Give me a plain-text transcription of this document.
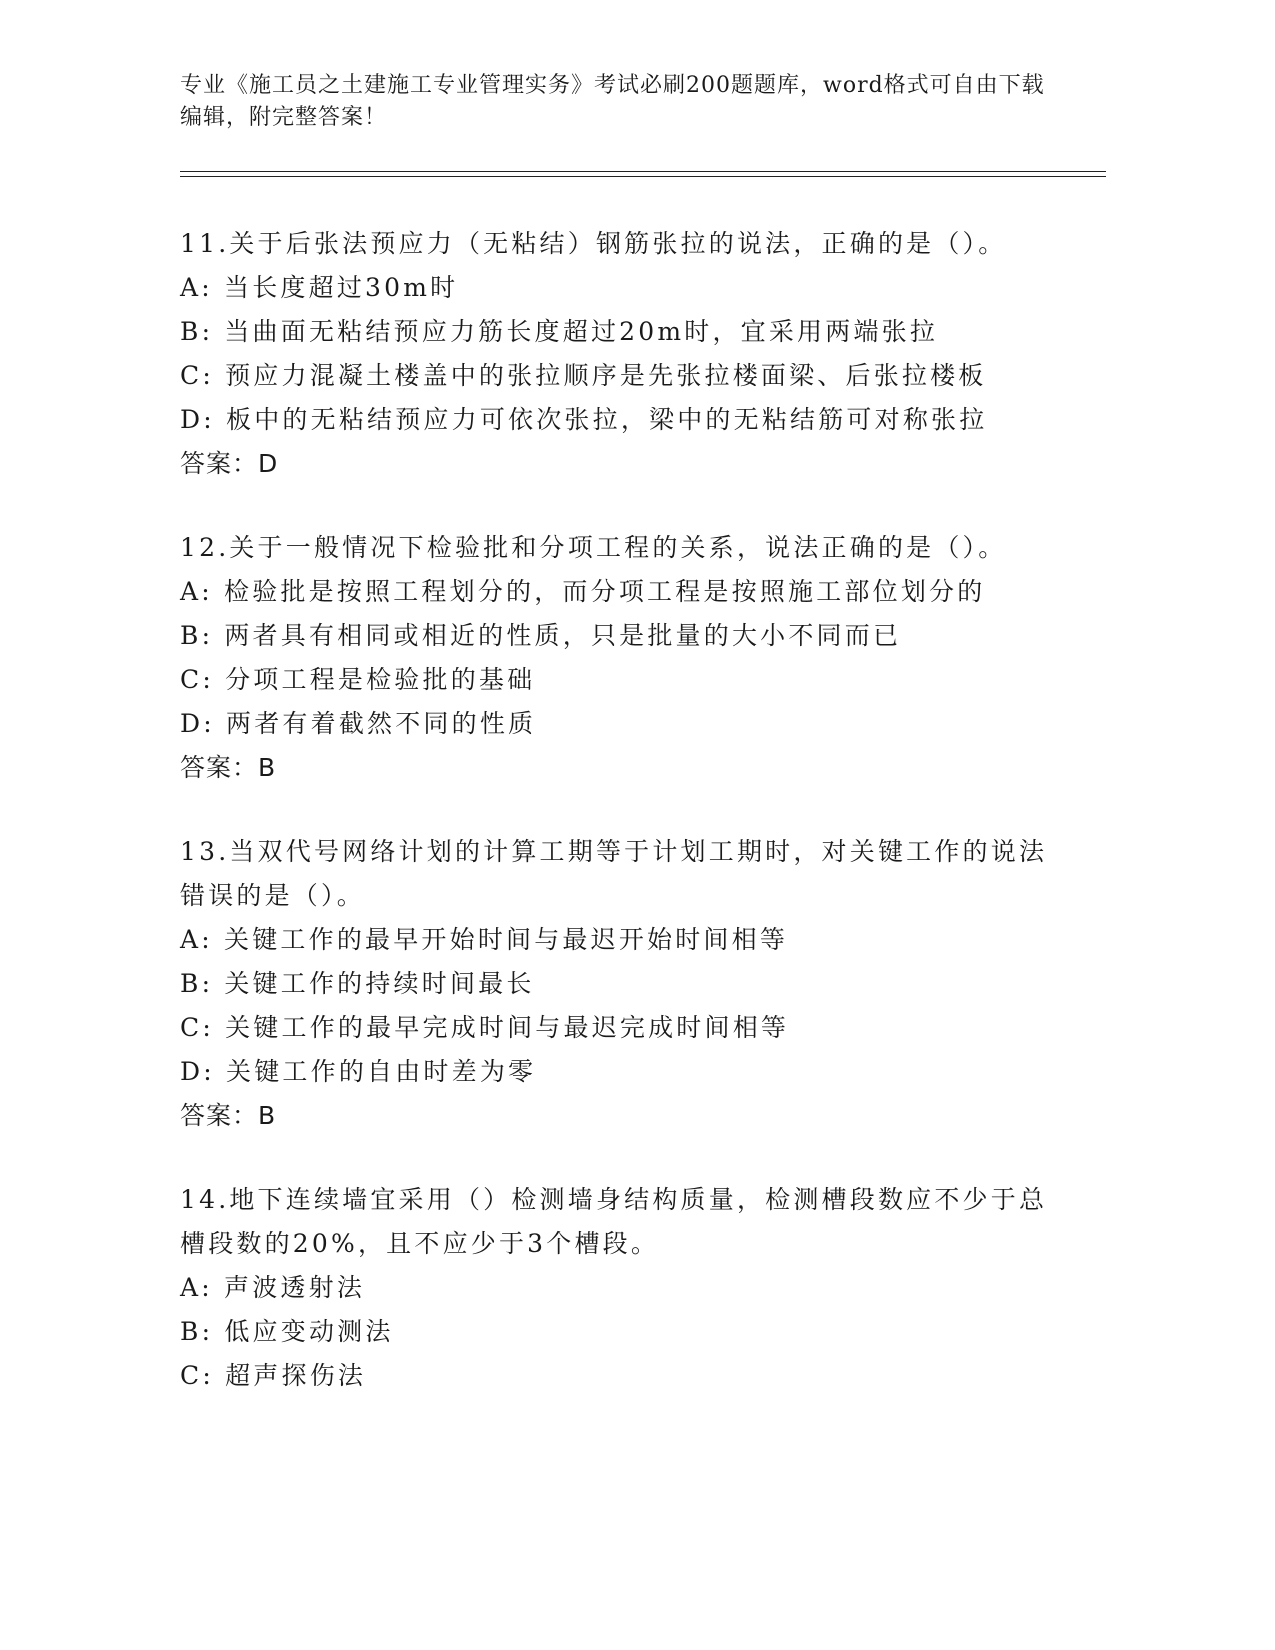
专业《施工员之土建施工专业管理实务》考试必刷200题题库，word格式可自由下载编辑，附完整答案！

11.关于后张法预应力（无粘结）钢筋张拉的说法，正确的是（）。

A: 当长度超过30m时

B: 当曲面无粘结预应力筋长度超过20m时，宜采用两端张拉

C: 预应力混凝土楼盖中的张拉顺序是先张拉楼面梁、后张拉楼板

D: 板中的无粘结预应力可依次张拉，梁中的无粘结筋可对称张拉

答案：D

12.关于一般情况下检验批和分项工程的关系，说法正确的是（）。

A: 检验批是按照工程划分的，而分项工程是按照施工部位划分的

B: 两者具有相同或相近的性质，只是批量的大小不同而已

C: 分项工程是检验批的基础

D: 两者有着截然不同的性质

答案：B

13.当双代号网络计划的计算工期等于计划工期时，对关键工作的说法错误的是（）。

A: 关键工作的最早开始时间与最迟开始时间相等

B: 关键工作的持续时间最长

C: 关键工作的最早完成时间与最迟完成时间相等

D: 关键工作的自由时差为零

答案：B

14.地下连续墙宜采用（）检测墙身结构质量，检测槽段数应不少于总槽段数的20%，且不应少于3个槽段。

A: 声波透射法

B: 低应变动测法

C: 超声探伤法
